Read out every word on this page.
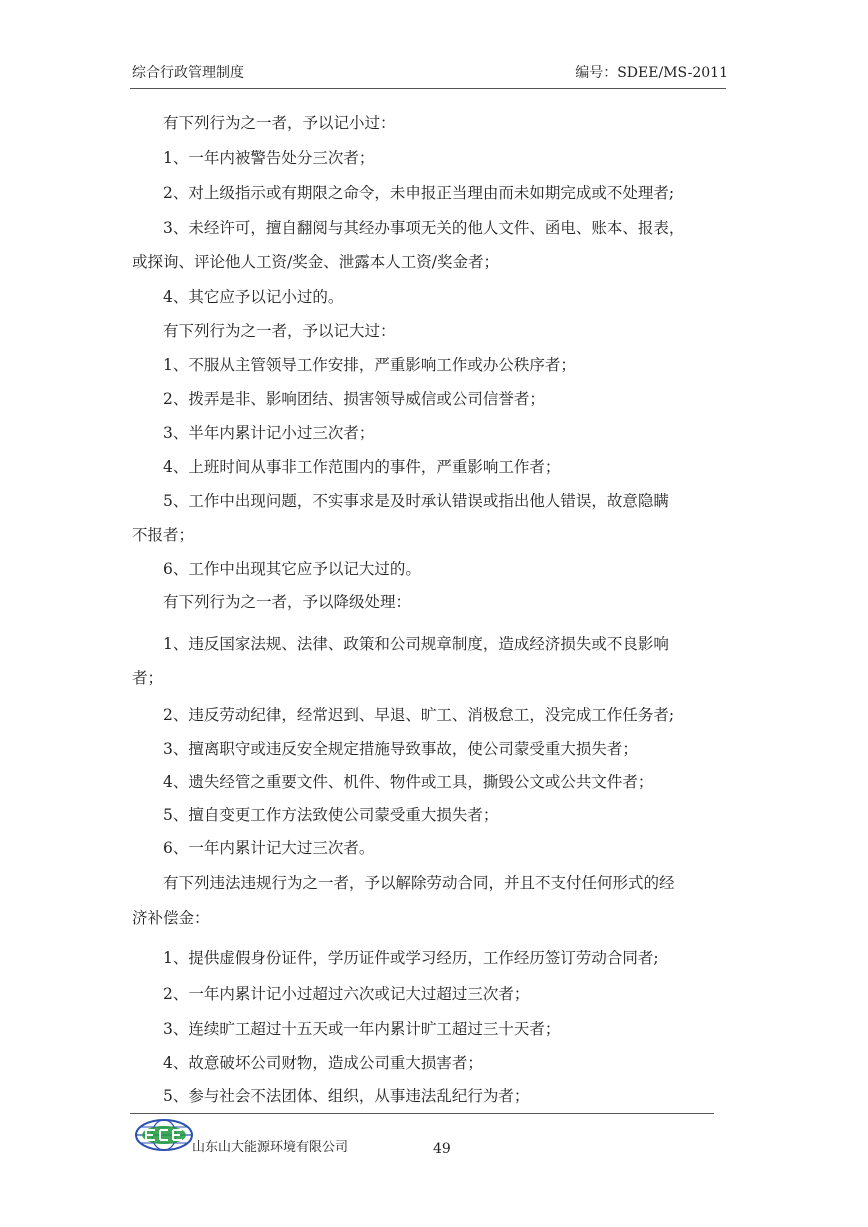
综合行政管理制度	编号：SDEE/MS-2011
有下列行为之一者，予以记小过：
1、一年内被警告处分三次者；
2、对上级指示或有期限之命令，未申报正当理由而未如期完成或不处理者;
3、未经许可，擅自翻阅与其经办事项无关的他人文件、函电、账本、报表，
或探询、评论他人工资/奖金、泄露本人工资/奖金者；
4、其它应予以记小过的。
有下列行为之一者，予以记大过：
1、不服从主管领导工作安排，严重影响工作或办公秩序者；
2、拨弄是非、影响团结、损害领导威信或公司信誉者；
3、半年内累计记小过三次者；
4、上班时间从事非工作范围内的事件，严重影响工作者；
5、工作中出现问题，不实事求是及时承认错误或指出他人错误，故意隐瞒
不报者；
6、工作中出现其它应予以记大过的。
有下列行为之一者，予以降级处理：
1、违反国家法规、法律、政策和公司规章制度，造成经济损失或不良影响
者；
2、违反劳动纪律，经常迟到、早退、旷工、消极怠工，没完成工作任务者;
3、擅离职守或违反安全规定措施导致事故，使公司蒙受重大损失者；
4、遗失经管之重要文件、机件、物件或工具，撕毁公文或公共文件者；
5、擅自变更工作方法致使公司蒙受重大损失者；
6、一年内累计记大过三次者。
有下列违法违规行为之一者，予以解除劳动合同，并且不支付任何形式的经
济补偿金：
1、提供虚假身份证件，学历证件或学习经历，工作经历签订劳动合同者;
2、一年内累计记小过超过六次或记大过超过三次者；
3、连续旷工超过十五天或一年内累计旷工超过三十天者；
4、故意破坏公司财物，造成公司重大损害者；
5、参与社会不法团体、组织，从事违法乱纪行为者；
山东山大能源环境有限公司	49
